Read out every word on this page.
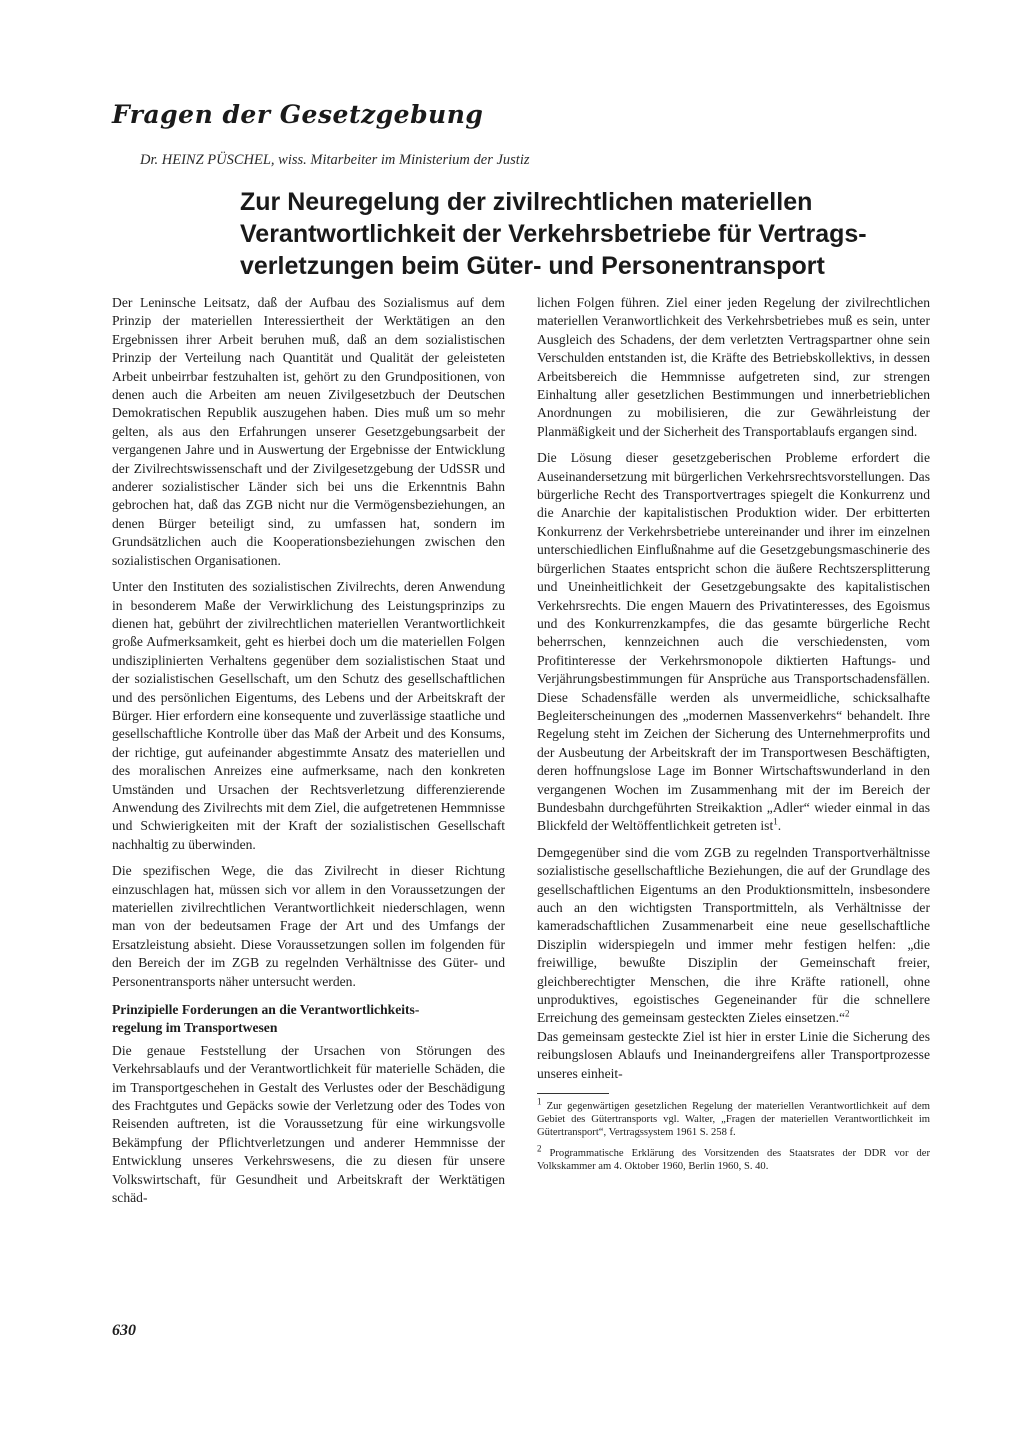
Fragen der Gesetzgebung
Dr. HEINZ PÜSCHEL, wiss. Mitarbeiter im Ministerium der Justiz
Zur Neuregelung der zivilrechtlichen materiellen
Verantwortlichkeit der Verkehrsbetriebe für Vertrags-
verletzungen beim Güter- und Personentransport

Der Leninsche Leitsatz, daß der Aufbau des Sozialismus auf dem Prinzip der materiellen Interessiertheit der Werktätigen an den Ergebnissen ihrer Arbeit beruhen muß, daß an dem sozialistischen Prinzip der Verteilung nach Quantität und Qualität der geleisteten Arbeit unbeirrbar festzuhalten ist, gehört zu den Grundpositionen, von denen auch die Arbeiten am neuen Zivilgesetzbuch der Deutschen Demokratischen Republik auszugehen haben. Dies muß um so mehr gelten, als aus den Erfahrungen unserer Gesetzgebungsarbeit der vergangenen Jahre und in Auswertung der Ergebnisse der Entwicklung der Zivilrechtswissenschaft und der Zivilgesetzgebung der UdSSR und anderer sozialistischer Länder sich bei uns die Erkenntnis Bahn gebrochen hat, daß das ZGB nicht nur die Vermögensbeziehungen, an denen Bürger beteiligt sind, zu umfassen hat, sondern im Grundsätzlichen auch die Kooperationsbeziehungen zwischen den sozialistischen Organisationen.

Unter den Instituten des sozialistischen Zivilrechts, deren Anwendung in besonderem Maße der Verwirklichung des Leistungsprinzips zu dienen hat, gebührt der zivilrechtlichen materiellen Verantwortlichkeit große Aufmerksamkeit, geht es hierbei doch um die materiellen Folgen undisziplinierten Verhaltens gegenüber dem sozialistischen Staat und der sozialistischen Gesellschaft, um den Schutz des gesellschaftlichen und des persönlichen Eigentums, des Lebens und der Arbeitskraft der Bürger. Hier erfordern eine konsequente und zuverlässige staatliche und gesellschaftliche Kontrolle über das Maß der Arbeit und des Konsums, der richtige, gut aufeinander abgestimmte Ansatz des materiellen und des moralischen Anreizes eine aufmerksame, nach den konkreten Umständen und Ursachen der Rechtsverletzung differenzierende Anwendung des Zivilrechts mit dem Ziel, die aufgetretenen Hemmnisse und Schwierigkeiten mit der Kraft der sozialistischen Gesellschaft nachhaltig zu überwinden.

Die spezifischen Wege, die das Zivilrecht in dieser Richtung einzuschlagen hat, müssen sich vor allem in den Voraussetzungen der materiellen zivilrechtlichen Verantwortlichkeit niederschlagen, wenn man von der bedeutsamen Frage der Art und des Umfangs der Ersatzleistung absieht. Diese Voraussetzungen sollen im folgenden für den Bereich der im ZGB zu regelnden Verhältnisse des Güter- und Personentransports näher untersucht werden.

Prinzipielle Forderungen an die Verantwortlichkeits-
regelung im Transportwesen

Die genaue Feststellung der Ursachen von Störungen des Verkehrsablaufs und der Verantwortlichkeit für materielle Schäden, die im Transportgeschehen in Gestalt des Verlustes oder der Beschädigung des Frachtgutes und Gepäcks sowie der Verletzung oder des Todes von Reisenden auftreten, ist die Voraussetzung für eine wirkungsvolle Bekämpfung der Pflichtverletzungen und anderer Hemmnisse der Entwicklung unseres Verkehrswesens, die zu diesen für unsere Volkswirtschaft, für Gesundheit und Arbeitskraft der Werktätigen schäd-

lichen Folgen führen. Ziel einer jeden Regelung der zivilrechtlichen materiellen Veranwortlichkeit des Verkehrsbetriebes muß es sein, unter Ausgleich des Schadens, der dem verletzten Vertragspartner ohne sein Verschulden entstanden ist, die Kräfte des Betriebskollektivs, in dessen Arbeitsbereich die Hemmnisse aufgetreten sind, zur strengen Einhaltung aller gesetzlichen Bestimmungen und innerbetrieblichen Anordnungen zu mobilisieren, die zur Gewährleistung der Planmäßigkeit und der Sicherheit des Transportablaufs ergangen sind.

Die Lösung dieser gesetzgeberischen Probleme erfordert die Auseinandersetzung mit bürgerlichen Verkehrsrechtsvorstellungen. Das bürgerliche Recht des Transportvertrages spiegelt die Konkurrenz und die Anarchie der kapitalistischen Produktion wider. Der erbitterten Konkurrenz der Verkehrsbetriebe untereinander und ihrer im einzelnen unterschiedlichen Einflußnahme auf die Gesetzgebungsmaschinerie des bürgerlichen Staates entspricht schon die äußere Rechtszersplitterung und Uneinheitlichkeit der Gesetzgebungsakte des kapitalistischen Verkehrsrechts. Die engen Mauern des Privatinteresses, des Egoismus und des Konkurrenzkampfes, die das gesamte bürgerliche Recht beherrschen, kennzeichnen auch die verschiedensten, vom Profitinteresse der Verkehrsmonopole diktierten Haftungs- und Verjährungsbestimmungen für Ansprüche aus Transportschadensfällen. Diese Schadensfälle werden als unvermeidliche, schicksalhafte Begleiterscheinungen des „modernen Massenverkehrs“ behandelt. Ihre Regelung steht im Zeichen der Sicherung des Unternehmerprofits und der Ausbeutung der Arbeitskraft der im Transportwesen Beschäftigten, deren hoffnungslose Lage im Bonner Wirtschaftswunderland in den vergangenen Wochen im Zusammenhang mit der im Bereich der Bundesbahn durchgeführten Streikaktion „Adler“ wieder einmal in das Blickfeld der Weltöffentlichkeit getreten ist$^1$.

Demgegenüber sind die vom ZGB zu regelnden Transportverhältnisse sozialistische gesellschaftliche Beziehungen, die auf der Grundlage des gesellschaftlichen Eigentums an den Produktionsmitteln, insbesondere auch an den wichtigsten Transportmitteln, als Verhältnisse der kameradschaftlichen Zusammenarbeit eine neue gesellschaftliche Disziplin widerspiegeln und immer mehr festigen helfen: „die freiwillige, bewußte Disziplin der Gemeinschaft freier, gleichberechtigter Menschen, die ihre Kräfte rationell, ohne unproduktives, egoistisches Gegeneinander für die schnellere Erreichung des gemeinsam gesteckten Zieles einsetzen.“$^2$

Das gemeinsam gesteckte Ziel ist hier in erster Linie die Sicherung des reibungslosen Ablaufs und Ineinandergreifens aller Transportprozesse unseres einheit-

$^1$ Zur gegenwärtigen gesetzlichen Regelung der materiellen Verantwortlichkeit auf dem Gebiet des Gütertransports vgl. Walter, „Fragen der materiellen Verantwortlichkeit im Gütertransport“, Vertragssystem 1961 S. 258 f.

$^2$ Programmatische Erklärung des Vorsitzenden des Staatsrates der DDR vor der Volkskammer am 4. Oktober 1960, Berlin 1960, S. 40.

630
